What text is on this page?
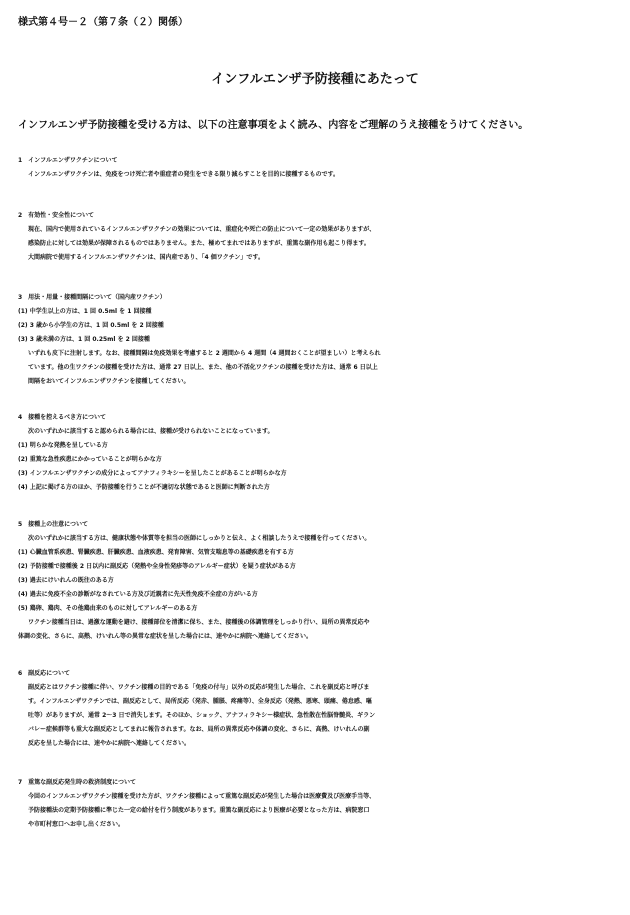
様式第４号－２（第７条（２）関係）
インフルエンザ予防接種にあたって
インフルエンザ予防接種を受ける方は、以下の注意事項をよく読み、内容をご理解のうえ接種をうけてください。
1　インフルエンザワクチンについて
インフルエンザワクチンは、免疫をつけ死亡者や重症者の発生をできる限り減らすことを目的に接種するものです。
2　有効性・安全性について
現在、国内で使用されているインフルエンザワクチンの効果については、重症化や死亡の防止について一定の効果がありますが、
感染防止に対しては効果が保障されるものではありません。また、極めてまれではありますが、重篤な副作用も起こり得ます。
大間病院で使用するインフルエンザワクチンは、国内産であり、「4 価ワクチン」です。
3　用法・用量・接種間隔について（国内産ワクチン）
(1) 中学生以上の方は、1 回 0.5ml を 1 回接種
(2) 3 歳から小学生の方は、1 回 0.5ml を 2 回接種
(3) 3 歳未満の方は、1 回 0.25ml を 2 回接種
いずれも皮下に注射します。なお、接種間隔は免疫効果を考慮すると 2 週間から 4 週間（4 週間おくことが望ましい）と考えられ
ています。他の生ワクチンの接種を受けた方は、通常 27 日以上、また、他の不活化ワクチンの接種を受けた方は、通常 6 日以上
間隔をおいてインフルエンザワクチンを接種してください。
4　接種を控えるべき方について
次のいずれかに該当すると認められる場合には、接種が受けられないことになっています。
(1) 明らかな発熱を呈している方
(2) 重篤な急性疾患にかかっていることが明らかな方
(3) インフルエンザワクチンの成分によってアナフィラキシーを呈したことがあることが明らかな方
(4) 上記に掲げる方のほか、予防接種を行うことが不適切な状態であると医師に判断された方
5　接種上の注意について
次のいずれかに該当する方は、健康状態や体質等を担当の医師にしっかりと伝え、よく相談したうえで接種を行ってください。
(1) 心臓血管系疾患、腎臓疾患、肝臓疾患、血液疾患、発育障害、気管支喘息等の基礎疾患を有する方
(2) 予防接種で接種後 2 日以内に副反応（発熱や全身性発疹等のアレルギー症状）を疑う症状がある方
(3) 過去にけいれんの既往のある方
(4) 過去に免疫不全の診断がなされている方及び近親者に先天性免疫不全症の方がいる方
(5) 鶏卵、鶏肉、その他鶏由来のものに対してアレルギーのある方
ワクチン接種当日は、過激な運動を避け、接種部位を清潔に保ち、また、接種後の体調管理をしっかり行い、局所の異常反応や
体調の変化、さらに、高熱、けいれん等の異常な症状を呈した場合には、速やかに病院へ連絡してください。
6　副反応について
副反応とはワクチン接種に伴い、ワクチン接種の目的である「免疫の付与」以外の反応が発生した場合、これを副反応と呼びま
す。インフルエンザワクチンでは、副反応として、局所反応（発赤、腫脹、疼痛等）、全身反応（発熱、悪寒、頭痛、倦怠感、嘔
吐等）がありますが、通常 2～3 日で消失します。そのほか、ショック、アナフィラキシー様症状、急性散在性脳脊髄炎、ギラン
バレー症候群等も重大な副反応としてまれに報告されます。なお、局所の異常反応や体調の変化、さらに、高熱、けいれんの副
反応を呈した場合には、速やかに病院へ連絡してください。
7　重篤な副反応発生時の救済制度について
今回のインフルエンザワクチン接種を受けた方が、ワクチン接種によって重篤な副反応が発生した場合は医療費及び医療手当等、
予防接種法の定期予防接種に準じた一定の給付を行う制度があります。重篤な副反応により医療が必要となった方は、病院窓口
や市町村窓口へお申し出ください。
